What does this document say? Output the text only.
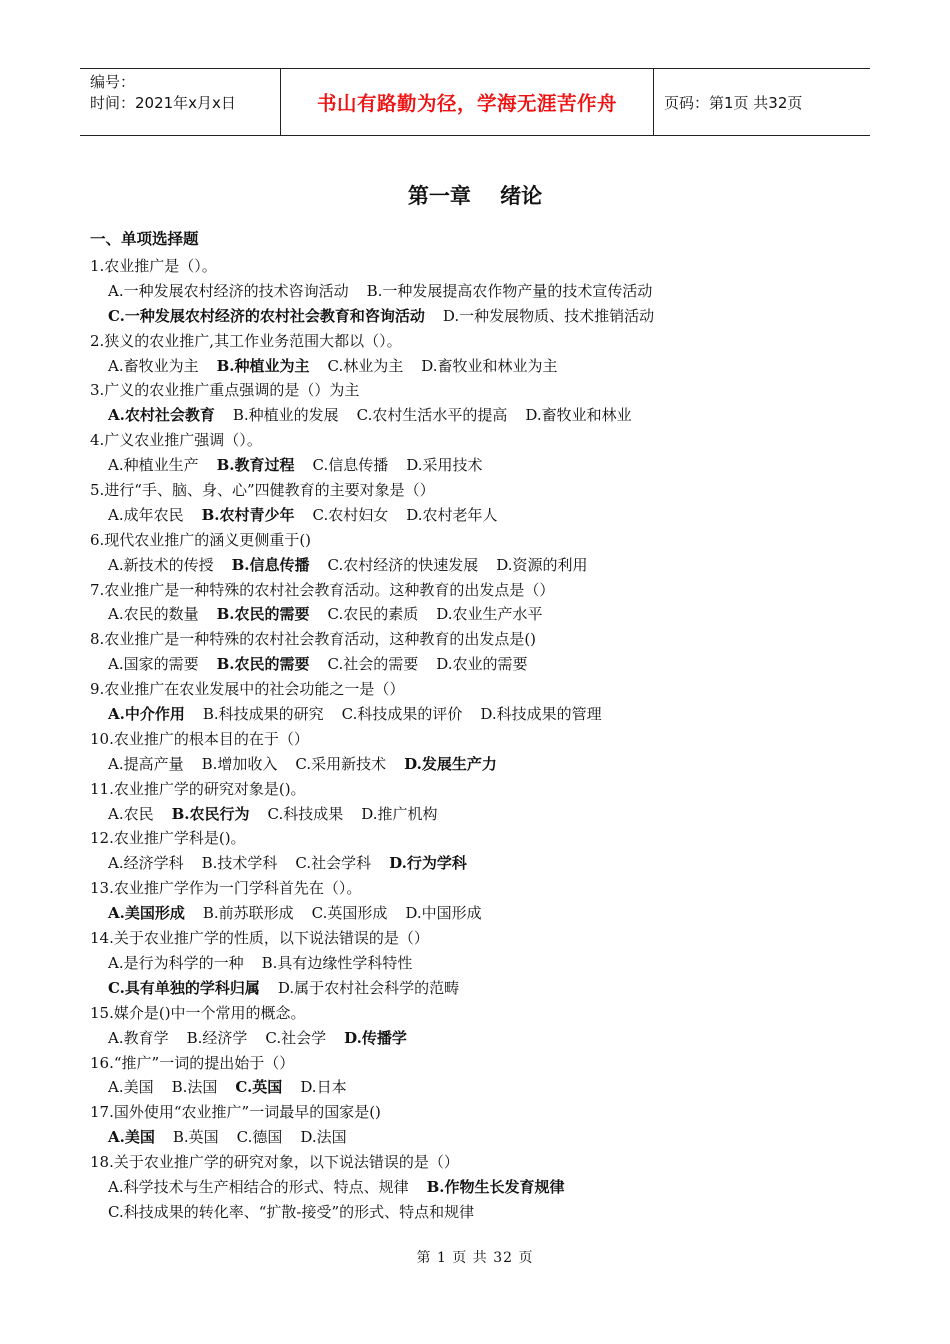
编号：
时间：2021年x月x日	书山有路勤为径，学海无涯苦作舟	页码：第1页 共32页
第一章    绪论
一、单项选择题
1.农业推广是（）。
A.一种发展农村经济的技术咨询活动 B.一种发展提高农作物产量的技术宣传活动
C.一种发展农村经济的农村社会教育和咨询活动 D.一种发展物质、技术推销活动
2.狭义的农业推广,其工作业务范围大都以（）。
A.畜牧业为主 B.种植业为主 C.林业为主 D.畜牧业和林业为主
3.广义的农业推广重点强调的是（）为主
A.农村社会教育 B.种植业的发展 C.农村生活水平的提高 D.畜牧业和林业
4.广义农业推广强调（）。
A.种植业生产 B.教育过程 C.信息传播 D.采用技术
5.进行“手、脑、身、心”四健教育的主要对象是（）
A.成年农民 B.农村青少年 C.农村妇女 D.农村老年人
6.现代农业推广的涵义更侧重于()
A.新技术的传授 B.信息传播 C.农村经济的快速发展 D.资源的利用
7.农业推广是一种特殊的农村社会教育活动。这种教育的出发点是（）
A.农民的数量 B.农民的需要 C.农民的素质 D.农业生产水平
8.农业推广是一种特殊的农村社会教育活动，这种教育的出发点是()
A.国家的需要 B.农民的需要 C.社会的需要 D.农业的需要
9.农业推广在农业发展中的社会功能之一是（）
A.中介作用 B.科技成果的研究 C.科技成果的评价 D.科技成果的管理
10.农业推广的根本目的在于（）
A.提高产量 B.增加收入 C.采用新技术 D.发展生产力
11.农业推广学的研究对象是()。
A.农民 B.农民行为 C.科技成果 D.推广机构
12.农业推广学科是()。
A.经济学科 B.技术学科 C.社会学科 D.行为学科
13.农业推广学作为一门学科首先在（）。
A.美国形成 B.前苏联形成 C.英国形成 D.中国形成
14.关于农业推广学的性质，以下说法错误的是（）
A.是行为科学的一种 B.具有边缘性学科特性
C.具有单独的学科归属 D.属于农村社会科学的范畴
15.媒介是()中一个常用的概念。
A.教育学 B.经济学 C.社会学 D.传播学
16.“推广”一词的提出始于（）
A.美国 B.法国 C.英国 D.日本
17.国外使用“农业推广”一词最早的国家是()
A.美国 B.英国 C.德国 D.法国
18.关于农业推广学的研究对象，以下说法错误的是（）
A.科学技术与生产相结合的形式、特点、规律 B.作物生长发育规律
C.科技成果的转化率、“扩散-接受”的形式、特点和规律
第 1 页 共 32 页
